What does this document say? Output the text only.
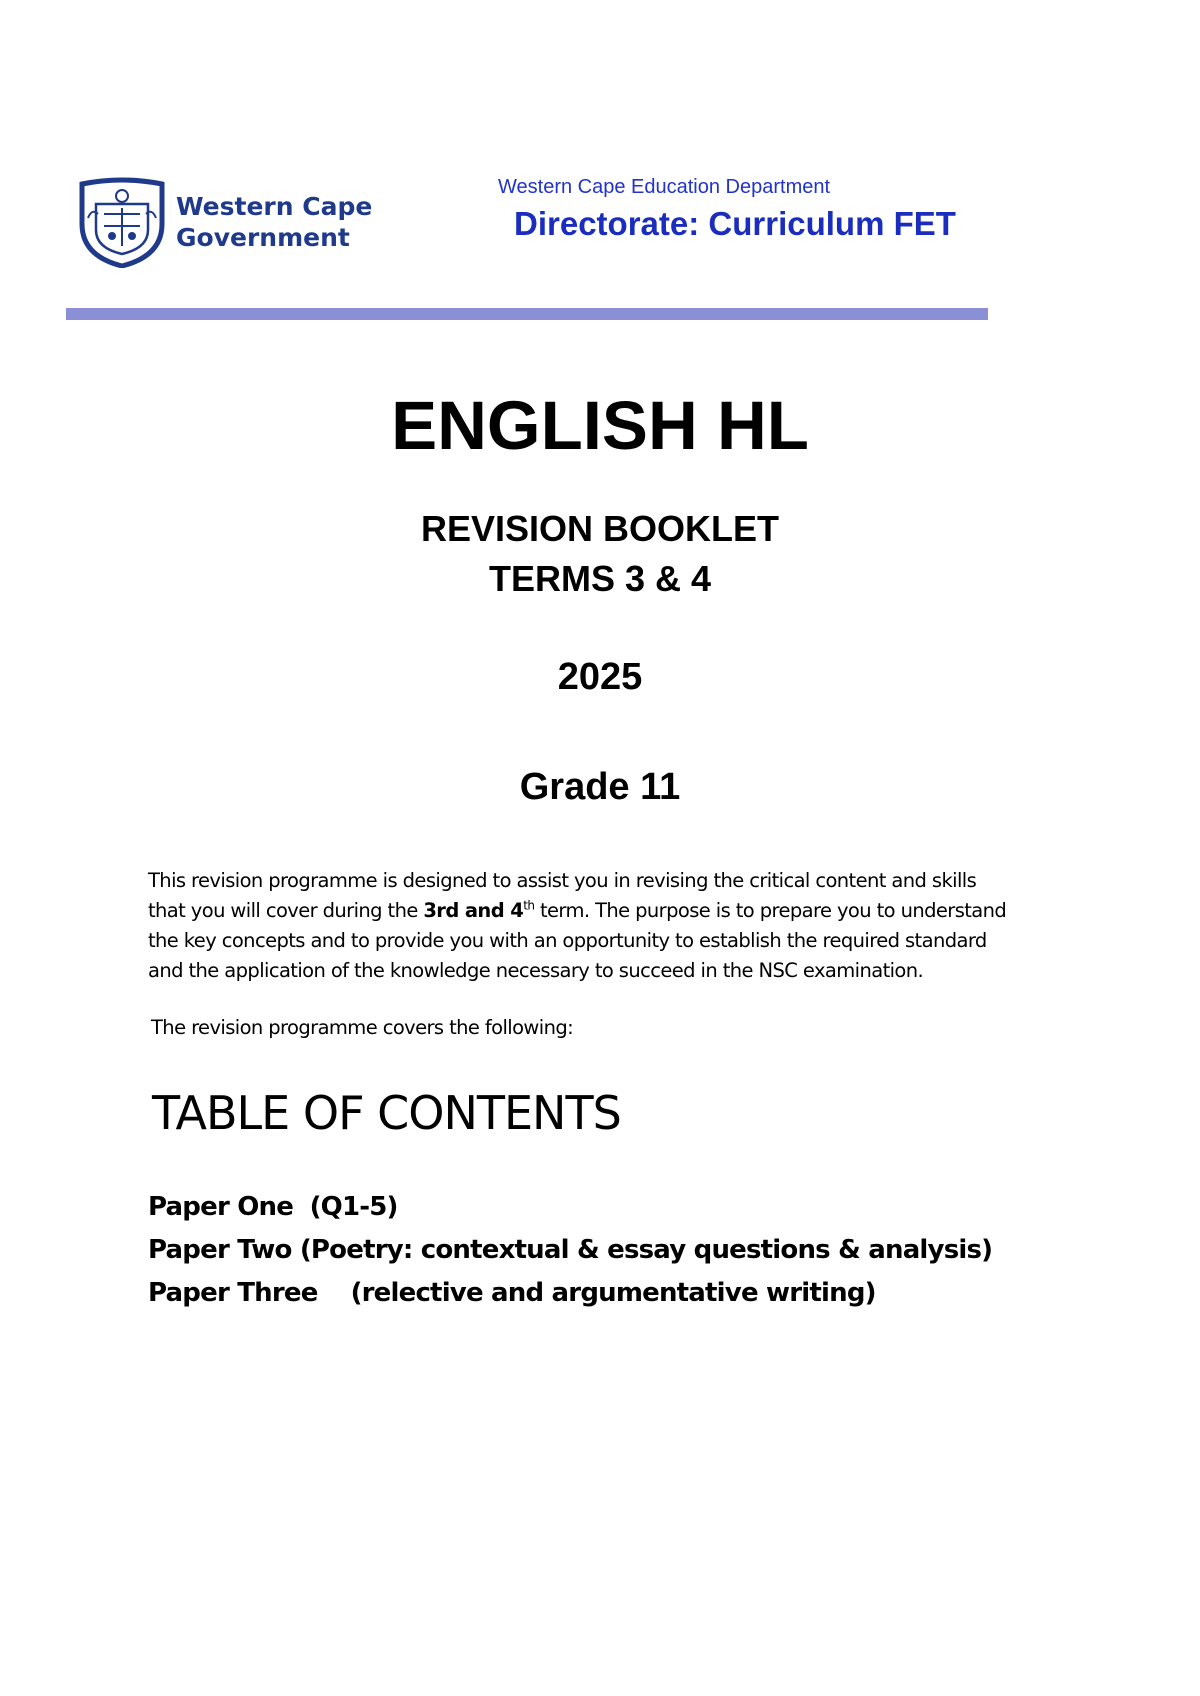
Western Cape
Government
Western Cape Education Department
Directorate: Curriculum FET
ENGLISH HL
REVISION BOOKLET
TERMS 3 & 4
2025
Grade 11
This revision programme is designed to assist you in revising the critical content and skills that you will cover during the 3rd and 4th term. The purpose is to prepare you to understand the key concepts and to provide you with an opportunity to establish the required standard and the application of the knowledge necessary to succeed in the NSC examination.
The revision programme covers the following:
TABLE OF CONTENTS
Paper One  (Q1-5)
Paper Two (Poetry: contextual & essay questions & analysis)
Paper Three    (relective and argumentative writing)
